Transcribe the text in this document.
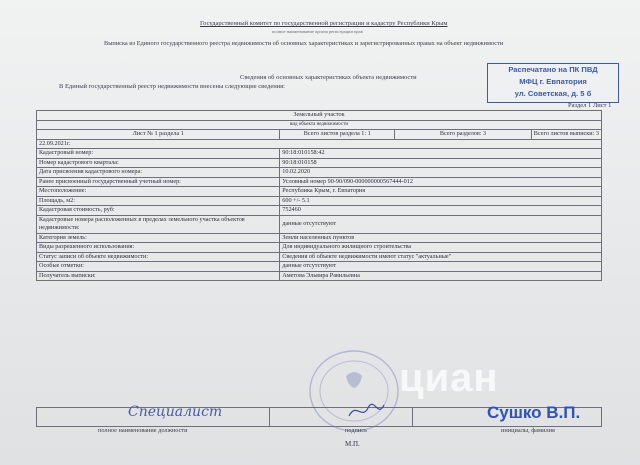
Государственный комитет по государственной регистрации и кадастру Республики Крым
полное наименование органа регистрации прав
Выписка из Единого государственного реестра недвижимости об основных характеристиках и зарегистрированных правах на объект недвижимости
Распечатано на ПК ПВД
МФЦ г. Евпатория
ул. Советская, д. 5 б
Сведения об основных характеристиках объекта недвижимости
В Единый государственный реестр недвижимости внесены следующие сведения:
Раздел 1 Лист 1
Земельный участок			
вид объекта недвижимости			
Лист № 1 раздела 1	Всего листов раздела 1: 1	Всего разделов: 3	Всего листов выписки: 3
22.09.2021г.			
Кадастровый номер:	90:18:010158:42		
Номер кадастрового квартала:	90:18:010158		
Дата присвоения кадастрового номера:	10.02.2020		
Ранее присвоенный государственный учетный номер:	Условный номер 90-90/090-000000000567444-012		
Местоположение:	Республика Крым, г. Евпатория		
Площадь, м2:	600 +/- 5.1		
Кадастровая стоимость, руб:	752460		
Кадастровые номера расположенных в пределах земельного участка объектов недвижимости:	данные отсутствуют		
Категория земель:	Земли населенных пунктов		
Виды разрешенного использования:	Для индивидуального жилищного строительства		
Статус записи об объекте недвижимости:	Сведения об объекте недвижимости имеют статус "актуальные"		
Особые отметки:	данные отсутствуют		
Получатель выписки:	Аметова Эльвира Равильевна		
циан

Специалист	Сушко В.П.
полное наименование должности	подпись	инициалы, фамилия
М.П.
